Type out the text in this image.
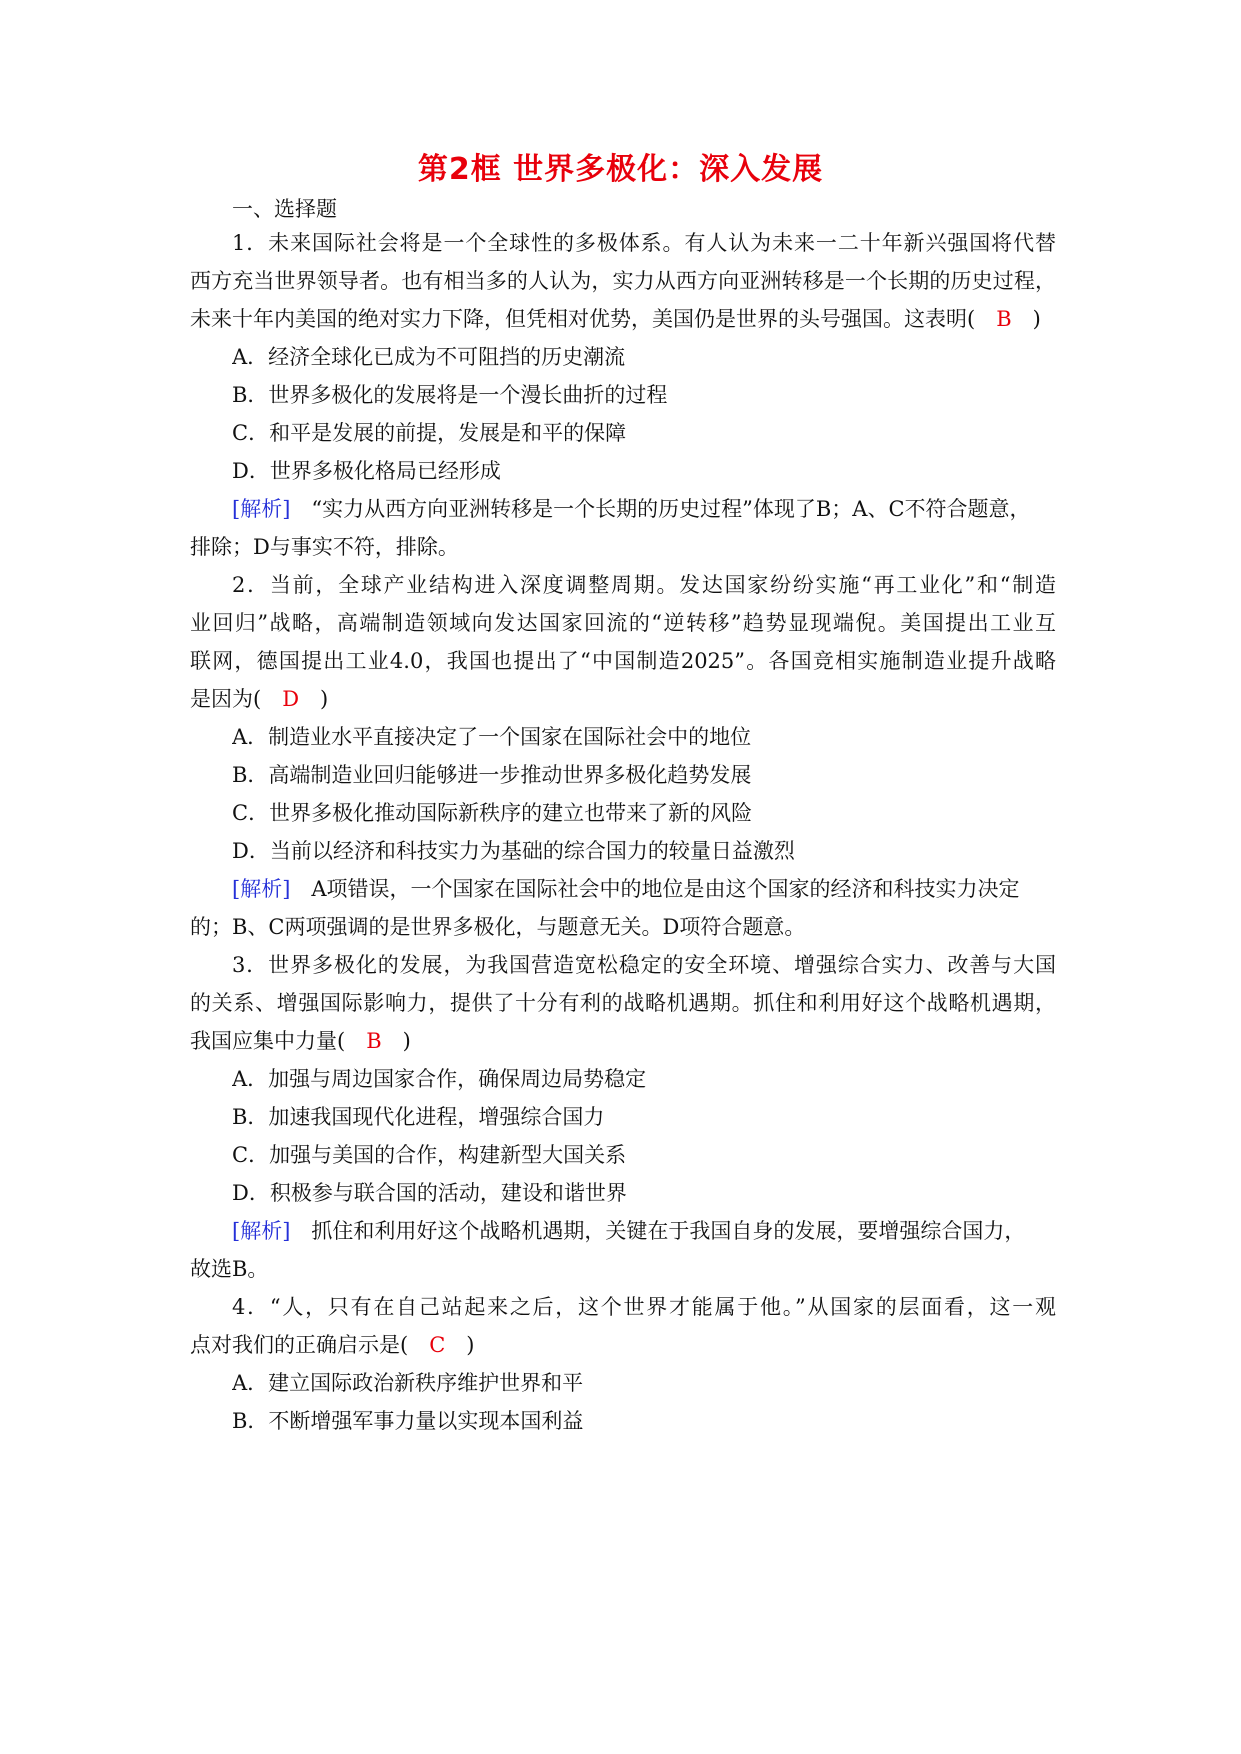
第2框 世界多极化：深入发展
一、选择题
1．未来国际社会将是一个全球性的多极体系。有人认为未来一二十年新兴强国将代替
西方充当世界领导者。也有相当多的人认为，实力从西方向亚洲转移是一个长期的历史过程，
未来十年内美国的绝对实力下降，但凭相对优势，美国仍是世界的头号强国。这表明(　B　)
A．经济全球化已成为不可阻挡的历史潮流
B．世界多极化的发展将是一个漫长曲折的过程
C．和平是发展的前提，发展是和平的保障
D．世界多极化格局已经形成
[解析]　“实力从西方向亚洲转移是一个长期的历史过程”体现了B；A、C不符合题意，
排除；D与事实不符，排除。
2．当前，全球产业结构进入深度调整周期。发达国家纷纷实施“再工业化”和“制造
业回归”战略，高端制造领域向发达国家回流的“逆转移”趋势显现端倪。美国提出工业互
联网，德国提出工业4.0，我国也提出了“中国制造2025”。各国竞相实施制造业提升战略
是因为(　D　)
A．制造业水平直接决定了一个国家在国际社会中的地位
B．高端制造业回归能够进一步推动世界多极化趋势发展
C．世界多极化推动国际新秩序的建立也带来了新的风险
D．当前以经济和科技实力为基础的综合国力的较量日益激烈
[解析]　A项错误，一个国家在国际社会中的地位是由这个国家的经济和科技实力决定
的；B、C两项强调的是世界多极化，与题意无关。D项符合题意。
3．世界多极化的发展，为我国营造宽松稳定的安全环境、增强综合实力、改善与大国
的关系、增强国际影响力，提供了十分有利的战略机遇期。抓住和利用好这个战略机遇期，
我国应集中力量(　B　)
A．加强与周边国家合作，确保周边局势稳定
B．加速我国现代化进程，增强综合国力
C．加强与美国的合作，构建新型大国关系
D．积极参与联合国的活动，建设和谐世界
[解析]　抓住和利用好这个战略机遇期，关键在于我国自身的发展，要增强综合国力，
故选B。
4．“人，只有在自己站起来之后，这个世界才能属于他。”从国家的层面看，这一观
点对我们的正确启示是(　C　)
A．建立国际政治新秩序维护世界和平
B．不断增强军事力量以实现本国利益
